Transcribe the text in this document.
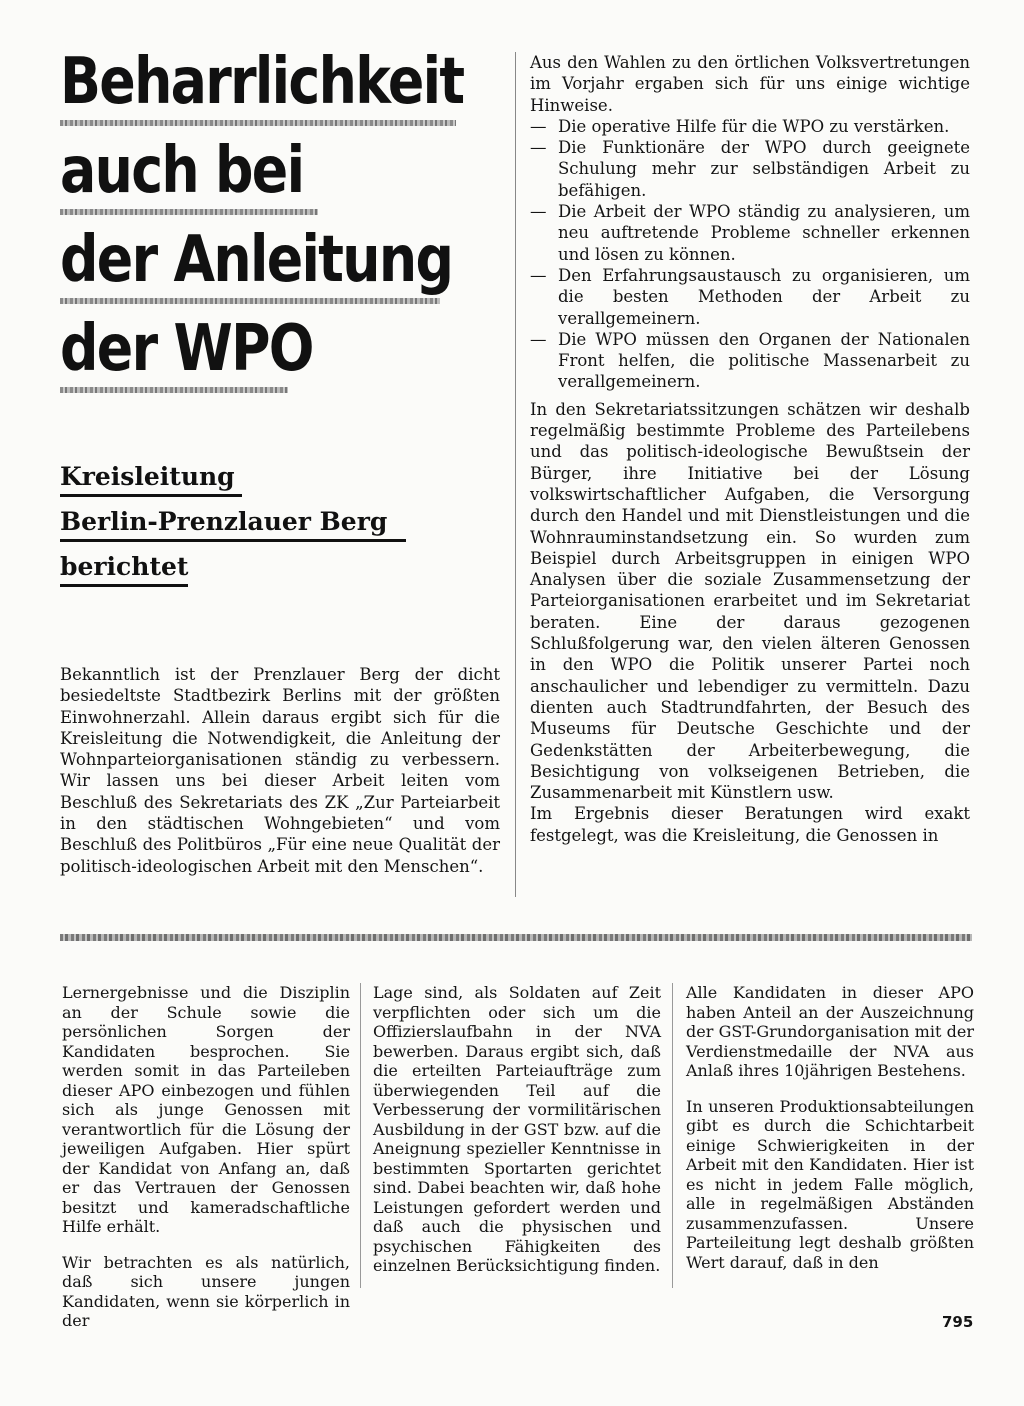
Beharrlichkeit
auch bei
der Anleitung
der WPO
Kreisleitung
Berlin-Prenzlauer Berg
berichtet

Bekanntlich ist der Prenzlauer Berg der dicht besiedeltste Stadtbezirk Berlins mit der größten Einwohnerzahl. Allein daraus ergibt sich für die Kreisleitung die Notwendigkeit, die Anleitung der Wohnparteiorganisationen ständig zu verbessern. Wir lassen uns bei dieser Arbeit leiten vom Beschluß des Sekretariats des ZK „Zur Parteiarbeit in den städtischen Wohngebieten“ und vom Beschluß des Politbüros „Für eine neue Qualität der politisch-ideologischen Arbeit mit den Menschen“.

Aus den Wahlen zu den örtlichen Volksvertretungen im Vorjahr ergaben sich für uns einige wichtige Hinweise.

— Die operative Hilfe für die WPO zu verstärken.
— Die Funktionäre der WPO durch geeignete Schulung mehr zur selbständigen Arbeit zu befähigen.
— Die Arbeit der WPO ständig zu analysieren, um neu auftretende Probleme schneller erkennen und lösen zu können.
— Den Erfahrungsaustausch zu organisieren, um die besten Methoden der Arbeit zu verallgemeinern.
— Die WPO müssen den Organen der Nationalen Front helfen, die politische Massenarbeit zu verallgemeinern.

In den Sekretariatssitzungen schätzen wir deshalb regelmäßig bestimmte Probleme des Parteilebens und das politisch-ideologische Bewußtsein der Bürger, ihre Initiative bei der Lösung volkswirtschaftlicher Aufgaben, die Versorgung durch den Handel und mit Dienstleistungen und die Wohnrauminstandsetzung ein. So wurden zum Beispiel durch Arbeitsgruppen in einigen WPO Analysen über die soziale Zusammensetzung der Parteiorganisationen erarbeitet und im Sekretariat beraten. Eine der daraus gezogenen Schlußfolgerung war, den vielen älteren Genossen in den WPO die Politik unserer Partei noch anschaulicher und lebendiger zu vermitteln. Dazu dienten auch Stadtrundfahrten, der Besuch des Museums für Deutsche Geschichte und der Gedenkstätten der Arbeiterbewegung, die Besichtigung von volkseigenen Betrieben, die Zusammenarbeit mit Künstlern usw.

Im Ergebnis dieser Beratungen wird exakt festgelegt, was die Kreisleitung, die Genossen in

Lernergebnisse und die Disziplin an der Schule sowie die persönlichen Sorgen der Kandidaten besprochen. Sie werden somit in das Parteileben dieser APO einbezogen und fühlen sich als junge Genossen mit verantwortlich für die Lösung der jeweiligen Aufgaben. Hier spürt der Kandidat von Anfang an, daß er das Vertrauen der Genossen besitzt und kameradschaftliche Hilfe erhält.

Wir betrachten es als natürlich, daß sich unsere jungen Kandidaten, wenn sie körperlich in der

Lage sind, als Soldaten auf Zeit verpflichten oder sich um die Offizierslaufbahn in der NVA bewerben. Daraus ergibt sich, daß die erteilten Parteiaufträge zum überwiegenden Teil auf die Verbesserung der vormilitärischen Ausbildung in der GST bzw. auf die Aneignung spezieller Kenntnisse in bestimmten Sportarten gerichtet sind. Dabei beachten wir, daß hohe Leistungen gefordert werden und daß auch die physischen und psychischen Fähigkeiten des einzelnen Berücksichtigung finden.

Alle Kandidaten in dieser APO haben Anteil an der Auszeichnung der GST-Grundorganisation mit der Verdienstmedaille der NVA aus Anlaß ihres 10jährigen Bestehens.

In unseren Produktionsabteilungen gibt es durch die Schichtarbeit einige Schwierigkeiten in der Arbeit mit den Kandidaten. Hier ist es nicht in jedem Falle möglich, alle in regelmäßigen Abständen zusammenzufassen. Unsere Parteileitung legt deshalb größten Wert darauf, daß in den

795
